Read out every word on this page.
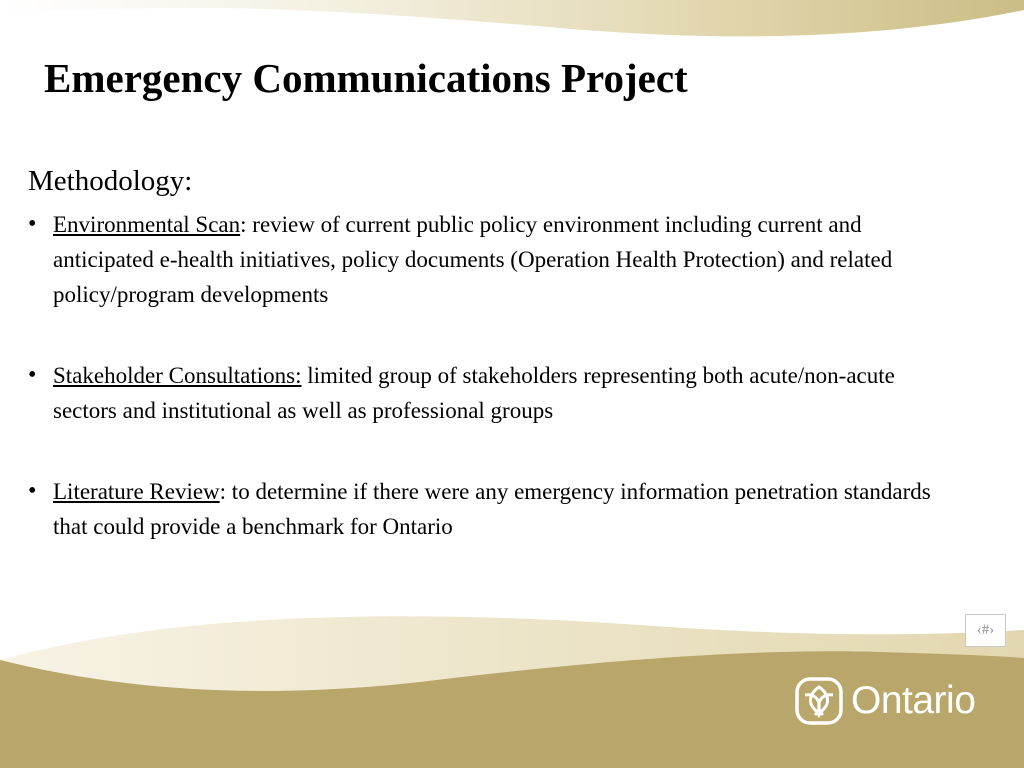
Emergency Communications Project

Methodology:

• Environmental Scan: review of current public policy environment including current and anticipated e-health initiatives, policy documents (Operation Health Protection) and related policy/program developments
• Stakeholder Consultations: limited group of stakeholders representing both acute/non-acute sectors and institutional as well as professional groups
• Literature Review: to determine if there were any emergency information penetration standards that could provide a benchmark for Ontario
‹#›
Ontario
